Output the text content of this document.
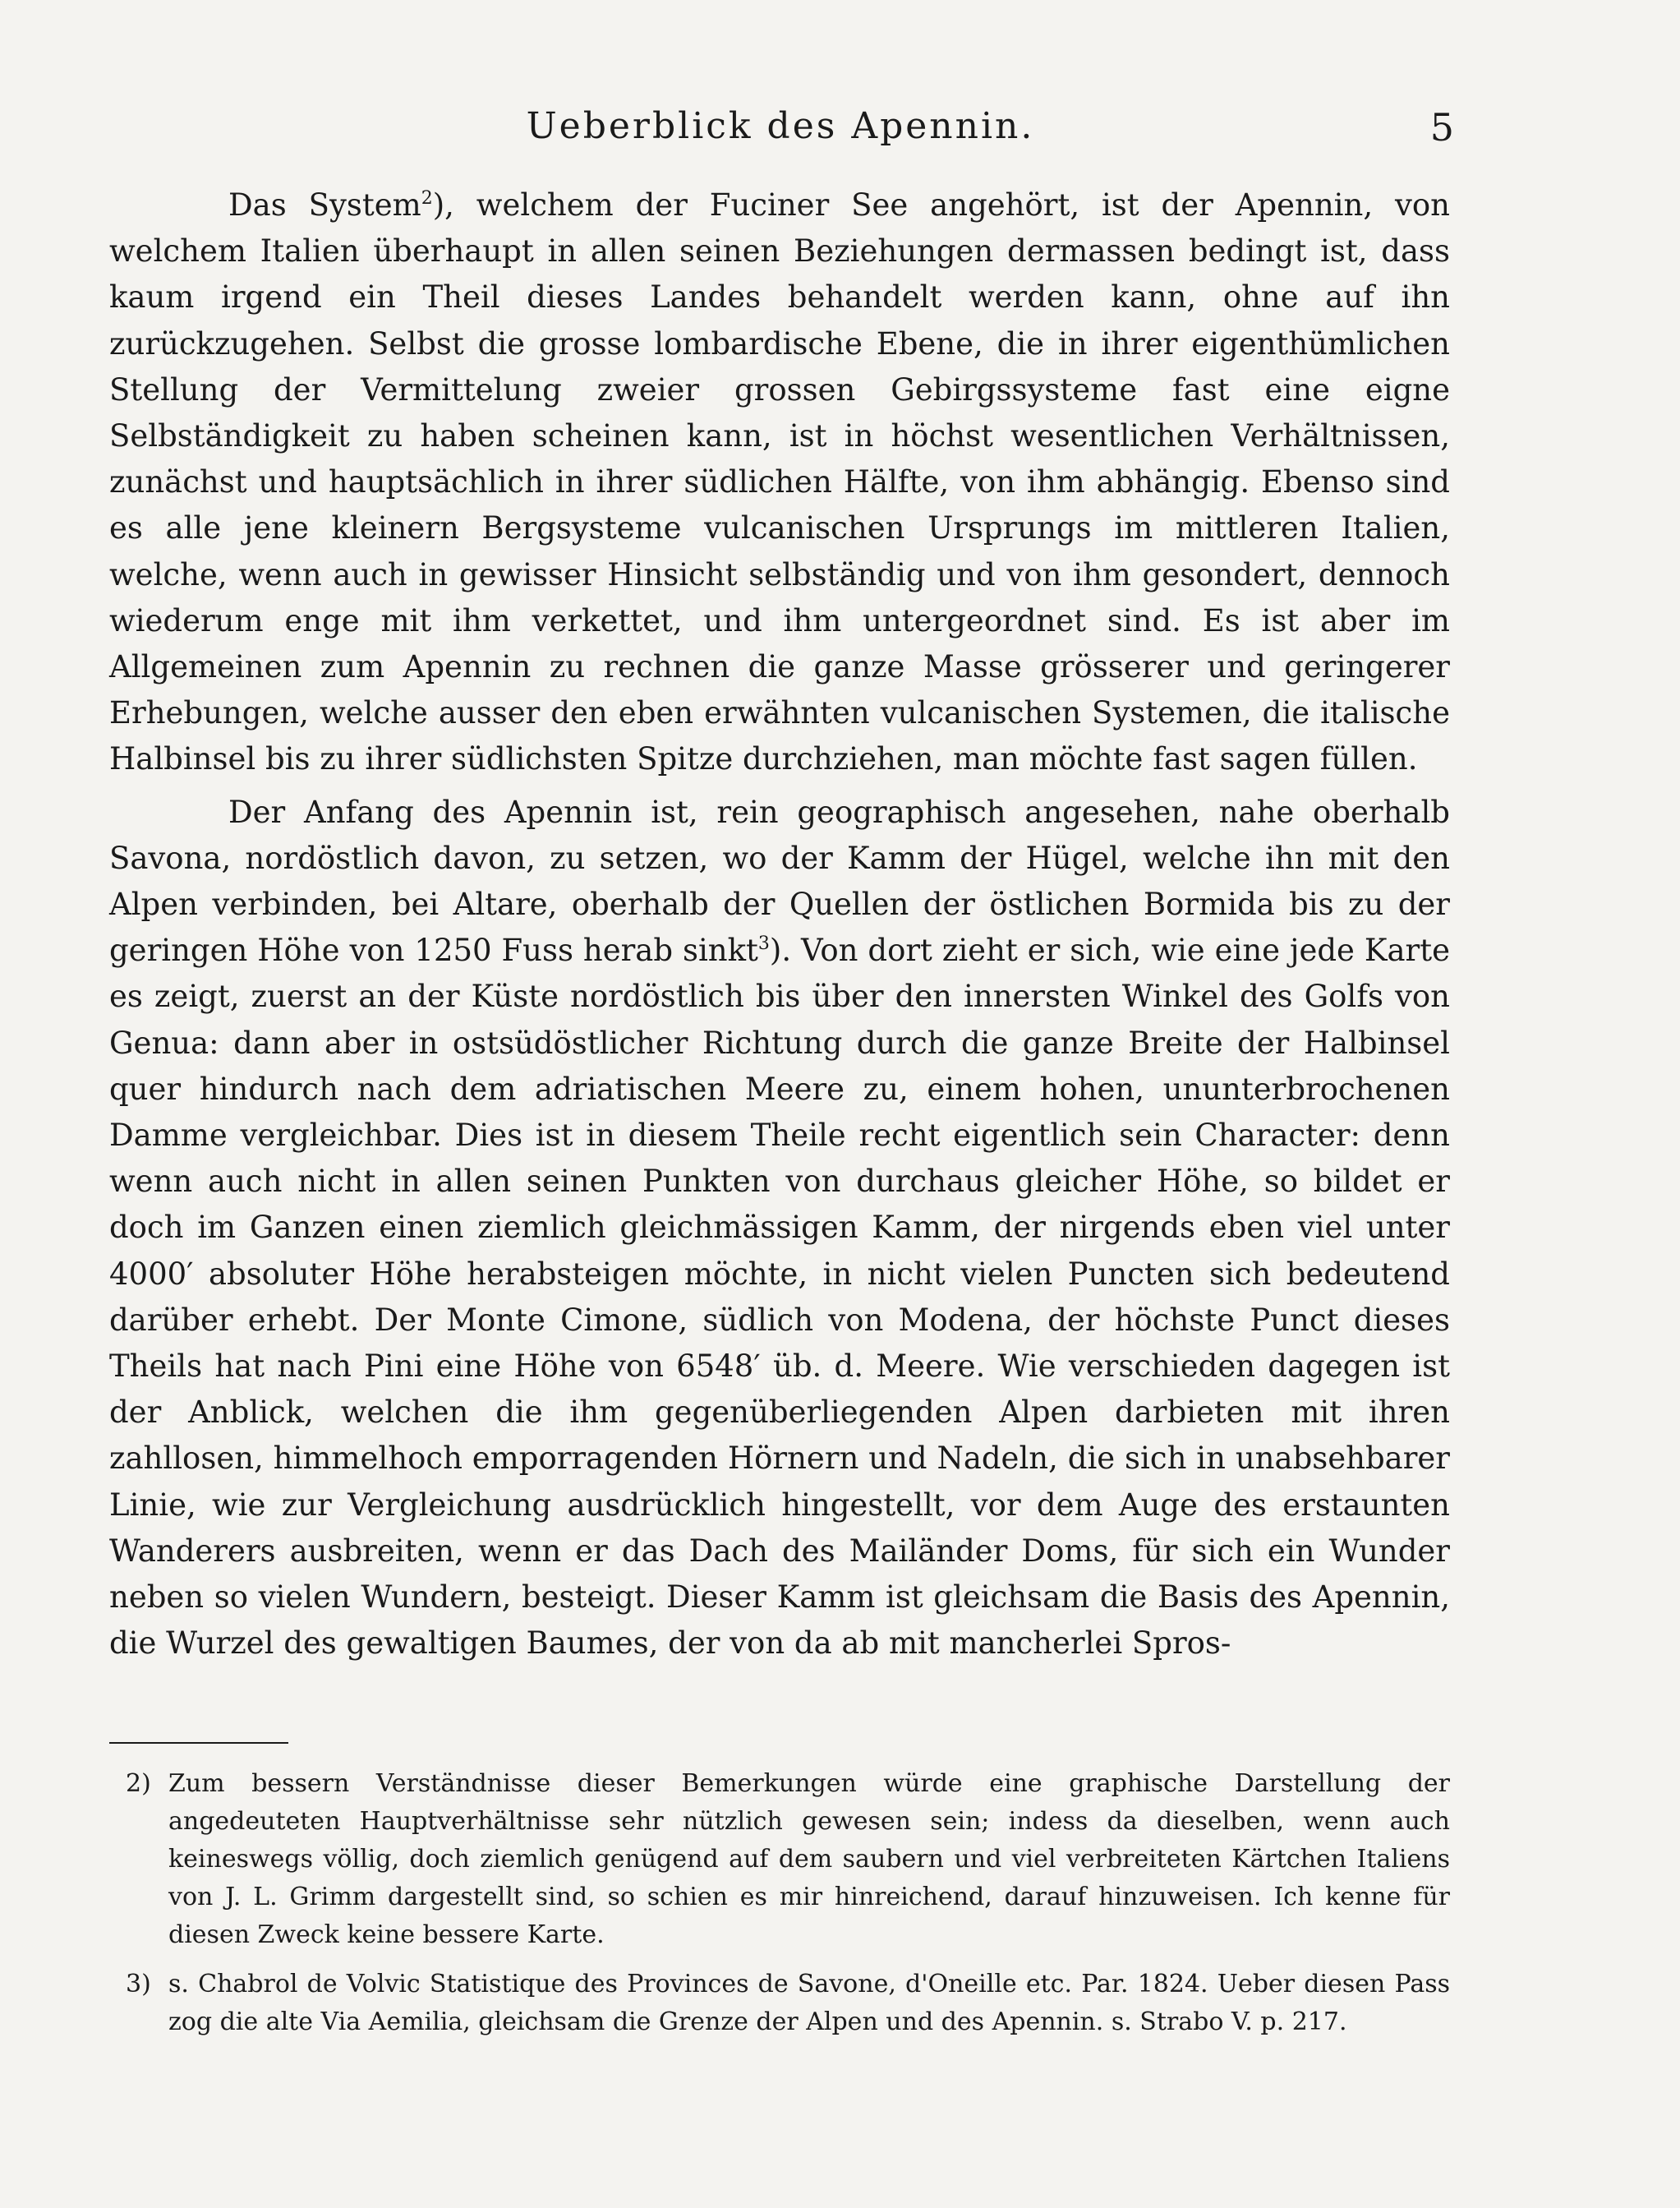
Ueberblick des Apennin.	5

Das System$^2$), welchem der Fuciner See angehört, ist der Apennin, von welchem Italien überhaupt in allen seinen Beziehungen dermassen bedingt ist, dass kaum irgend ein Theil dieses Landes behandelt werden kann, ohne auf ihn zurückzugehen. Selbst die grosse lombardische Ebene, die in ihrer eigenthümlichen Stellung der Vermittelung zweier grossen Gebirgssysteme fast eine eigne Selbständigkeit zu haben scheinen kann, ist in höchst wesentlichen Verhältnissen, zunächst und hauptsächlich in ihrer südlichen Hälfte, von ihm abhängig. Ebenso sind es alle jene kleinern Bergsysteme vulcanischen Ursprungs im mittleren Italien, welche, wenn auch in gewisser Hinsicht selbständig und von ihm gesondert, dennoch wiederum enge mit ihm verkettet, und ihm untergeordnet sind. Es ist aber im Allgemeinen zum Apennin zu rechnen die ganze Masse grösserer und geringerer Erhebungen, welche ausser den eben erwähnten vulcanischen Systemen, die italische Halbinsel bis zu ihrer südlichsten Spitze durchziehen, man möchte fast sagen füllen.

Der Anfang des Apennin ist, rein geographisch angesehen, nahe oberhalb Savona, nordöstlich davon, zu setzen, wo der Kamm der Hügel, welche ihn mit den Alpen verbinden, bei Altare, oberhalb der Quellen der östlichen Bormida bis zu der geringen Höhe von 1250 Fuss herab sinkt$^3$). Von dort zieht er sich, wie eine jede Karte es zeigt, zuerst an der Küste nordöstlich bis über den innersten Winkel des Golfs von Genua: dann aber in ostsüdöstlicher Richtung durch die ganze Breite der Halbinsel quer hindurch nach dem adriatischen Meere zu, einem hohen, ununterbrochenen Damme vergleichbar. Dies ist in diesem Theile recht eigentlich sein Character: denn wenn auch nicht in allen seinen Punkten von durchaus gleicher Höhe, so bildet er doch im Ganzen einen ziemlich gleichmässigen Kamm, der nirgends eben viel unter 4000′ absoluter Höhe herabsteigen möchte, in nicht vielen Puncten sich bedeutend darüber erhebt. Der Monte Cimone, südlich von Modena, der höchste Punct dieses Theils hat nach Pini eine Höhe von 6548′ üb. d. Meere. Wie verschieden dagegen ist der Anblick, welchen die ihm gegenüberliegenden Alpen darbieten mit ihren zahllosen, himmelhoch emporragenden Hörnern und Nadeln, die sich in unabsehbarer Linie, wie zur Vergleichung ausdrücklich hingestellt, vor dem Auge des erstaunten Wanderers ausbreiten, wenn er das Dach des Mailänder Doms, für sich ein Wunder neben so vielen Wundern, besteigt. Dieser Kamm ist gleichsam die Basis des Apennin, die Wurzel des gewaltigen Baumes, der von da ab mit mancherlei Spros-

2) Zum bessern Verständnisse dieser Bemerkungen würde eine graphische Darstellung der angedeuteten Hauptverhältnisse sehr nützlich gewesen sein; indess da dieselben, wenn auch keineswegs völlig, doch ziemlich genügend auf dem saubern und viel verbreiteten Kärtchen Italiens von J. L. Grimm dargestellt sind, so schien es mir hinreichend, darauf hinzuweisen. Ich kenne für diesen Zweck keine bessere Karte.
3) s. Chabrol de Volvic Statistique des Provinces de Savone, d'Oneille etc. Par. 1824. Ueber diesen Pass zog die alte Via Aemilia, gleichsam die Grenze der Alpen und des Apennin. s. Strabo V. p. 217.
